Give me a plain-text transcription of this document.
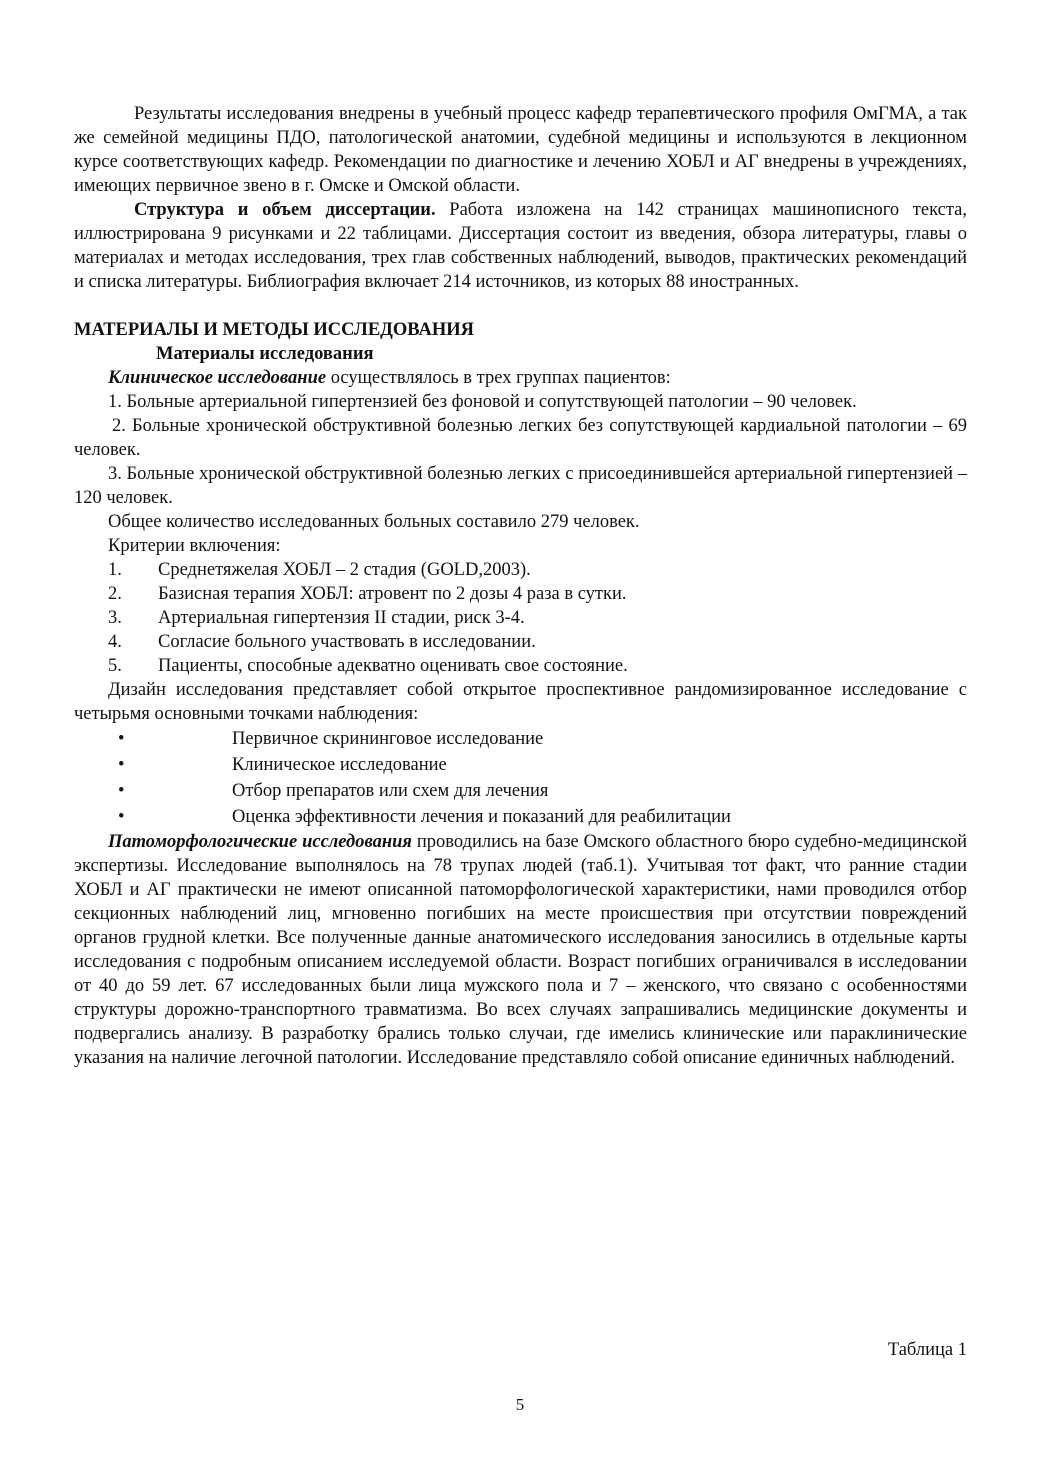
Результаты исследования внедрены в учебный процесс кафедр терапевтического профиля ОмГМА, а так же семейной медицины ПДО, патологической анатомии, судебной медицины и используются в лекционном курсе соответствующих кафедр. Рекомендации по диагностике и лечению ХОБЛ и АГ внедрены в учреждениях, имеющих первичное звено в г. Омске и Омской области.

Структура и объем диссертации. Работа изложена на 142 страницах машинописного текста, иллюстрирована 9 рисунками и 22 таблицами. Диссертация состоит из введения, обзора литературы, главы о материалах и методах исследования, трех глав собственных наблюдений, выводов, практических рекомендаций и списка литературы. Библиография включает 214 источников, из которых 88 иностранных.

МАТЕРИАЛЫ И МЕТОДЫ ИССЛЕДОВАНИЯ

Материалы исследования

Клиническое исследование осуществлялось в трех группах пациентов:

1. Больные артериальной гипертензией без фоновой и сопутствующей патологии – 90 человек.

2. Больные хронической обструктивной болезнью легких без сопутствующей кардиальной патологии – 69 человек.

3. Больные хронической обструктивной болезнью легких с присоединившейся артериальной гипертензией – 120 человек.

Общее количество исследованных больных составило 279 человек.

Критерии включения:

1.	Среднетяжелая ХОБЛ – 2 стадия (GOLD,2003).
2.	Базисная терапия ХОБЛ: атровент по 2 дозы 4 раза в сутки.
3.	Артериальная гипертензия II стадии, риск 3-4.
4.	Согласие больного участвовать в исследовании.
5.	Пациенты, способные адекватно оценивать свое состояние.

Дизайн исследования представляет собой открытое проспективное рандомизированное исследование с четырьмя основными точками наблюдения:

•	Первичное скрининговое исследование
•	Клиническое исследование
•	Отбор препаратов или схем для лечения
•	Оценка эффективности лечения и показаний для реабилитации

Патоморфологические исследования проводились на базе Омского областного бюро судебно-медицинской экспертизы. Исследование выполнялось на 78 трупах людей (таб.1). Учитывая тот факт, что ранние стадии ХОБЛ и АГ практически не имеют описанной патоморфологической характеристики, нами проводился отбор секционных наблюдений лиц, мгновенно погибших на месте происшествия при отсутствии повреждений органов грудной клетки. Все полученные данные анатомического исследования заносились в отдельные карты исследования с подробным описанием исследуемой области. Возраст погибших ограничивался в исследовании от 40 до 59 лет. 67 исследованных были лица мужского пола и 7 – женского, что связано с особенностями структуры дорожно-транспортного травматизма. Во всех случаях запрашивались медицинские документы и подвергались анализу. В разработку брались только случаи, где имелись клинические или параклинические указания на наличие легочной патологии. Исследование представляло собой описание единичных наблюдений.

Таблица 1
5
